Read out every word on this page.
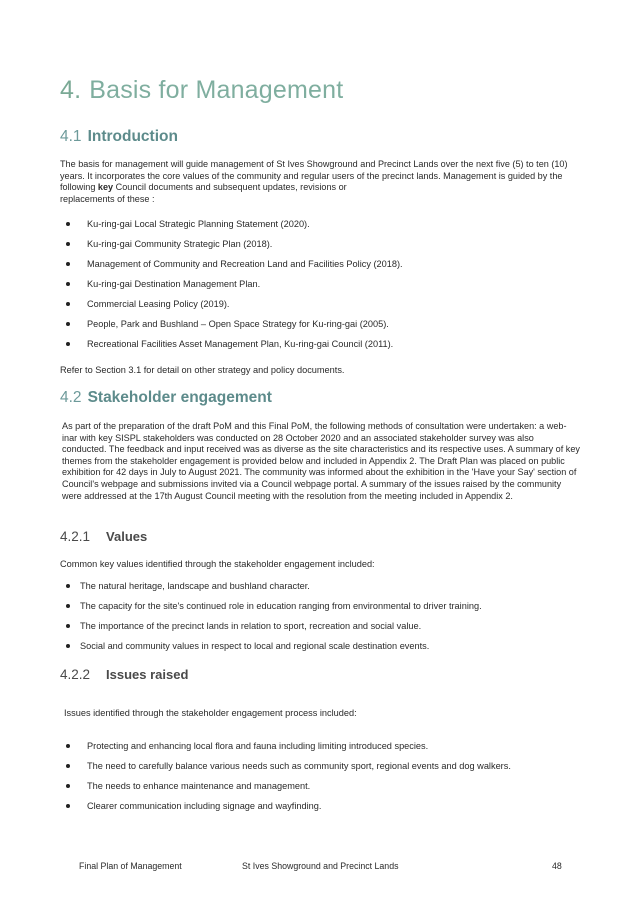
4. Basis for Management
4.1 Introduction

The basis for management will guide management of St Ives Showground and Precinct Lands over the next five (5) to ten (10) years. It incorporates the core values of the community and regular users of the precinct lands. Management is guided by the following key Council documents and subsequent updates, revisions or
replacements of these :

Ku-ring-gai Local Strategic Planning Statement (2020).
Ku-ring-gai Community Strategic Plan (2018).
Management of Community and Recreation Land and Facilities Policy (2018).
Ku-ring-gai Destination Management Plan.
Commercial Leasing Policy (2019).
People, Park and Bushland – Open Space Strategy for Ku-ring-gai (2005).
Recreational Facilities Asset Management Plan, Ku-ring-gai Council (2011).

Refer to Section 3.1 for detail on other strategy and policy documents.

4.2 Stakeholder engagement

As part of the preparation of the draft PoM and this Final PoM, the following methods of consultation were undertaken: a web-inar with key SISPL stakeholders was conducted on 28 October 2020 and an associated stakeholder survey was also conducted. The feedback and input received was as diverse as the site characteristics and its respective uses. A summary of key themes from the stakeholder engagement is provided below and included in Appendix 2. The Draft Plan was placed on public exhibition for 42 days in July to August 2021. The community was informed about the exhibition in the 'Have your Say' section of Council's webpage and submissions invited via a Council webpage portal. A summary of the issues raised by the community were addressed at the 17th August Council meeting with the resolution from the meeting included in Appendix 2.

4.2.1 Values

Common key values identified through the stakeholder engagement included:

The natural heritage, landscape and bushland character.
The capacity for the site's continued role in education ranging from environmental to driver training.
The importance of the precinct lands in relation to sport, recreation and social value.
Social and community values in respect to local and regional scale destination events.
4.2.2 Issues raised

Issues identified through the stakeholder engagement process included:

Protecting and enhancing local flora and fauna including limiting introduced species.
The need to carefully balance various needs such as community sport, regional events and dog walkers.
The needs to enhance maintenance and management.
Clearer communication including signage and wayfinding.
Final Plan of Management	St Ives Showground and Precinct Lands	48
